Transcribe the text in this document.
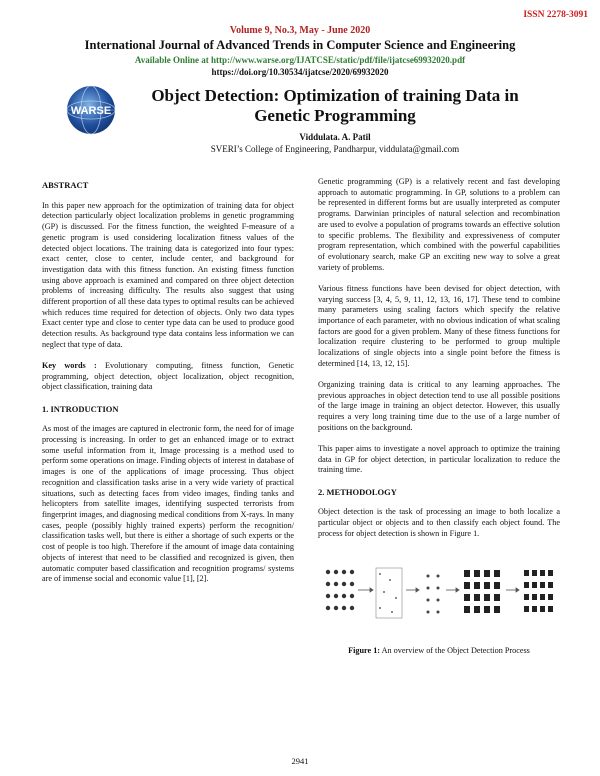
ISSN 2278-3091
Volume 9, No.3, May - June 2020
International Journal of Advanced Trends in Computer Science and Engineering
Available Online at http://www.warse.org/IJATCSE/static/pdf/file/ijatcse69932020.pdf
https://doi.org/10.30534/ijatcse/2020/69932020
WARSE
Object Detection: Optimization of training Data in Genetic Programming
Viddulata. A. Patil
SVERI’s College of Engineering, Pandharpur, viddulata@gmail.com
ABSTRACT

In this paper new approach for the optimization of training data for object detection particularly object localization problems in genetic programming (GP) is discussed. For the fitness function, the weighted F-measure of a genetic program is used considering localization fitness values of the detected object locations. The training data is categorized into four types: exact center, close to center, include center, and background for investigation data with this fitness function. An existing fitness function using above approach is examined and compared on three object detection problems of increasing difficulty. The results also suggest that using different proportion of all these data types to optimal results can be achieved which reduces time required for detection of objects. Only two data types Exact center type and close to center type data can be used to produce good detection results. As background type data contains less information we can neglect that type of data.

Key words : Evolutionary computing, fitness function, Genetic programming, object detection, object localization, object recognition, object classification, training data

1. INTRODUCTION

As most of the images are captured in electronic form, the need for of image processing is increasing. In order to get an enhanced image or to extract some useful information from it, Image processing is a method used to perform some operations on image. Finding objects of interest in database of images is one of the applications of image processing. Thus object recognition and classification tasks arise in a very wide variety of practical situations, such as detecting faces from video images, finding tanks and helicopters from satellite images, identifying suspected terrorists from fingerprint images, and diagnosing medical conditions from X-rays. In many cases, people (possibly highly trained experts) perform the recognition/ classification tasks well, but there is either a shortage of such experts or the cost of people is too high. Therefore if the amount of image data containing objects of interest that need to be classified and recognized is given, then automatic computer based classification and recognition programs/ systems are of immense social and economic value [1], [2].

Genetic programming (GP) is a relatively recent and fast developing approach to automatic programming. In GP, solutions to a problem can be represented in different forms but are usually interpreted as computer programs. Darwinian principles of natural selection and recombination are used to evolve a population of programs towards an effective solution to specific problems. The flexibility and expressiveness of computer program representation, which combined with the powerful capabilities of evolutionary search, make GP an exciting new way to solve a great variety of problems.

Various fitness functions have been devised for object detection, with varying success [3, 4, 5, 9, 11, 12, 13, 16, 17]. These tend to combine many parameters using scaling factors which specify the relative importance of each parameter, with no obvious indication of what scaling factors are good for a given problem. Many of these fitness functions for localization require clustering to be performed to group multiple localizations of single objects into a single point before the fitness is determined [14, 13, 12, 15].

Organizing training data is critical to any learning approaches. The previous approaches in object detection tend to use all possible positions of the large image in training an object detector. However, this usually requires a very long training time due to the use of a large number of positions on the background.

This paper aims to investigate a novel approach to optimize the training data in GP for object detection, in particular localization to reduce the training time.

2. METHODOLOGY

Object detection is the task of processing an image to both localize a particular object or objects and to then classify each object found. The process for object detection is shown in Figure 1.

Figure 1: An overview of the Object Detection Process
2941
